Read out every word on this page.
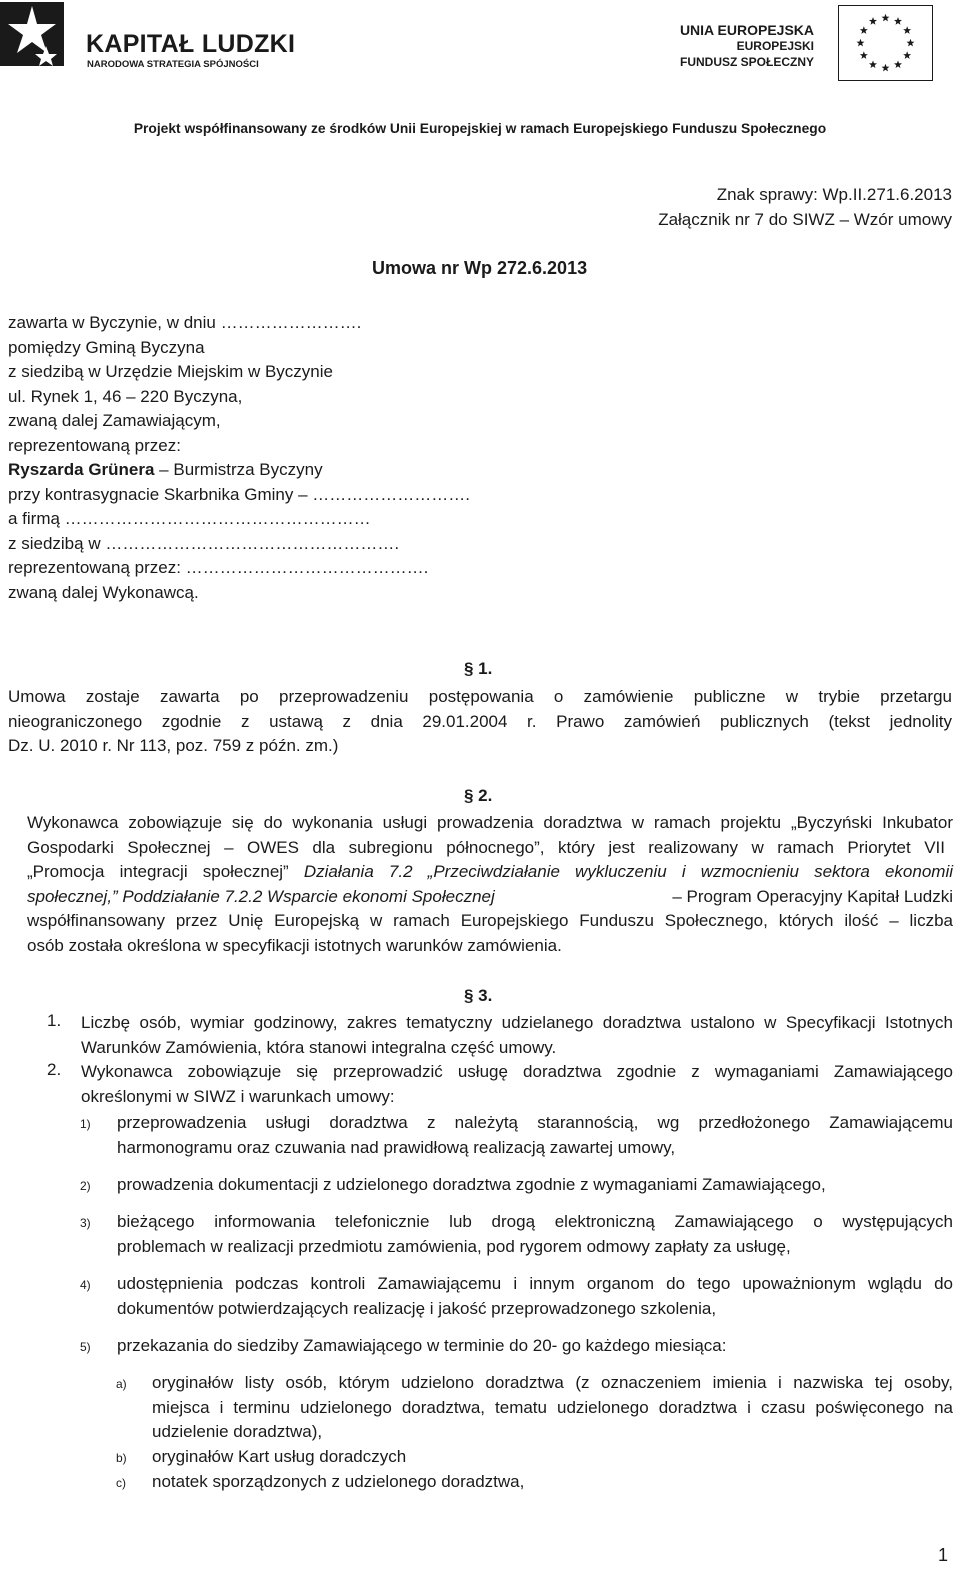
KAPITAŁ LUDZKI
NARODOWA STRATEGIA SPÓJNOŚCI
UNIA EUROPEJSKA
EUROPEJSKI
FUNDUSZ SPOŁECZNY
Projekt współfinansowany ze środków Unii Europejskiej w ramach Europejskiego Funduszu Społecznego
Znak sprawy: Wp.II.271.6.2013
Załącznik nr 7 do SIWZ – Wzór umowy
Umowa nr Wp 272.6.2013
zawarta w Byczynie, w dniu …………………….
pomiędzy Gminą Byczyna
z siedzibą w Urzędzie Miejskim w Byczynie
ul. Rynek 1, 46 – 220 Byczyna,
zwaną dalej Zamawiającym,
reprezentowaną przez:
Ryszarda Grünera – Burmistrza Byczyny
przy kontrasygnacie Skarbnika Gminy – ……………………….
a firmą ………………………………………………
z siedzibą w …………………………………………….
reprezentowaną przez: …………………………………….
zwaną dalej Wykonawcą.
§ 1.
Umowa zostaje zawarta po przeprowadzeniu postępowania o zamówienie publiczne w trybie przetargu
nieograniczonego zgodnie z ustawą z dnia 29.01.2004 r. Prawo zamówień publicznych (tekst jednolity
Dz. U. 2010 r. Nr 113, poz. 759 z późn. zm.)
§ 2.
Wykonawca zobowiązuje się do wykonania usługi prowadzenia doradztwa w ramach projektu „Byczyński Inkubator
Gospodarki Społecznej – OWES dla subregionu północnego”, który jest realizowany w ramach Priorytet VII
„Promocja integracji społecznej” Działania 7.2 „Przeciwdziałanie wykluczeniu i wzmocnieniu sektora ekonomii
społecznej,” Poddziałanie 7.2.2 Wsparcie ekonomi Społecznej	– Program Operacyjny Kapitał Ludzki
współfinansowany przez Unię Europejską w ramach Europejskiego Funduszu Społecznego, których ilość – liczba
osób została określona w specyfikacji istotnych warunków zamówienia.
§ 3.
1. Liczbę osób, wymiar godzinowy, zakres tematyczny udzielanego doradztwa ustalono w Specyfikacji Istotnych
Warunków Zamówienia, która stanowi integralna część umowy.
2. Wykonawca zobowiązuje się przeprowadzić usługę doradztwa zgodnie z wymaganiami Zamawiającego
określonymi w SIWZ i warunkach umowy:
1) przeprowadzenia usługi doradztwa z należytą starannością, wg przedłożonego Zamawiającemu
harmonogramu oraz czuwania nad prawidłową realizacją zawartej umowy,
2) prowadzenia dokumentacji z udzielonego doradztwa zgodnie z wymaganiami Zamawiającego,
3) bieżącego informowania telefonicznie lub drogą elektroniczną Zamawiającego o występujących
problemach w realizacji przedmiotu zamówienia, pod rygorem odmowy zapłaty za usługę,
4) udostępnienia podczas kontroli Zamawiającemu i innym organom do tego upoważnionym wglądu do
dokumentów potwierdzających realizację i jakość przeprowadzonego szkolenia,
5) przekazania do siedziby Zamawiającego w terminie do 20- go każdego miesiąca:
a) oryginałów listy osób, którym udzielono doradztwa (z oznaczeniem imienia i nazwiska tej osoby,
miejsca i terminu udzielonego doradztwa, tematu udzielonego doradztwa i czasu poświęconego na
udzielenie doradztwa),
b) oryginałów Kart usług doradczych
c) notatek sporządzonych z udzielonego doradztwa,
1
